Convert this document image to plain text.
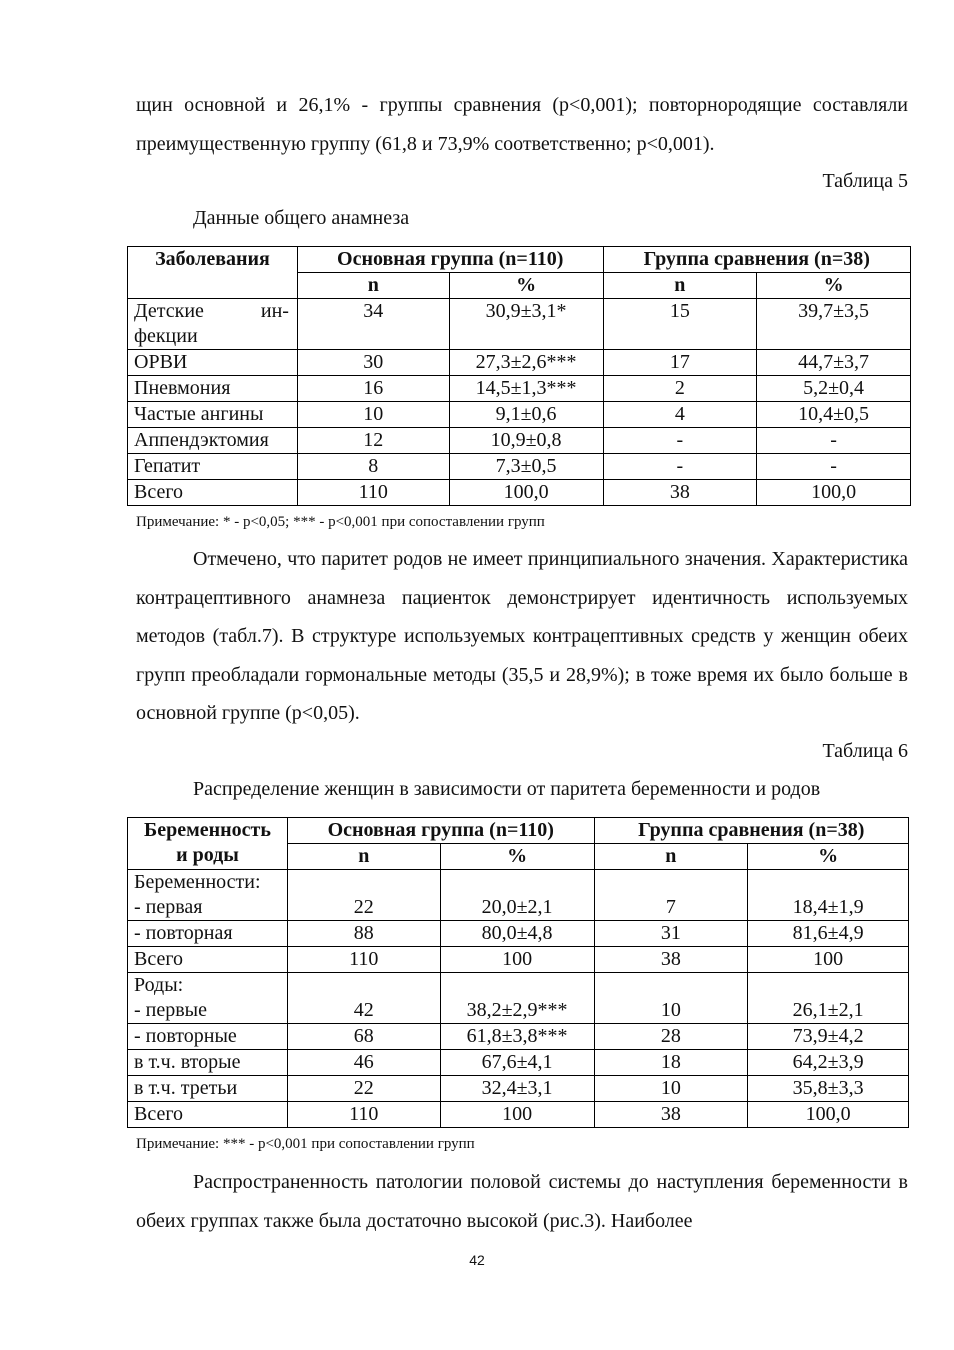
щин основной и 26,1% - группы сравнения (р<0,001); повторнородящие составляли преимущественную группу (61,8 и 73,9% соответственно; р<0,001).

Таблица 5

Данные общего анамнеза

Заболевания	Основная группа (n=110)		Группа сравнения (n=38)	
	n	%	n	%

Детские        ин-
фекции	34	30,9±3,1*	15	39,7±3,5
ОРВИ	30	27,3±2,6***	17	44,7±3,7
Пневмония	16	14,5±1,3***	2	5,2±0,4
Частые ангины	10	9,1±0,6	4	10,4±0,5
Аппендэктомия	12	10,9±0,8	-	-
Гепатит	8	7,3±0,5	-	-
Всего	110	100,0	38	100,0

Примечание: * - р<0,05; *** - р<0,001 при сопоставлении групп

Отмечено, что паритет родов не имеет принципиального значения. Характеристика контрацептивного анамнеза пациенток демонстрирует идентичность используемых методов (табл.7). В структуре используемых контрацептивных средств у женщин обеих групп преобладали гормональные методы (35,5 и 28,9%); в тоже время их было больше в основной группе (р<0,05).

Таблица 6

Распределение женщин в зависимости от паритета беременности и родов

Беременность
и роды	Основная группа (n=110)		Группа сравнения (n=38)	
	n	%	n	%

Беременности:
- первая	22	20,0±2,1	7	18,4±1,9
- повторная	88	80,0±4,8	31	81,6±4,9
Всего	110	100	38	100

Роды:
- первые	42	38,2±2,9***	10	26,1±2,1
- повторные	68	61,8±3,8***	28	73,9±4,2
в т.ч. вторые	46	67,6±4,1	18	64,2±3,9
в т.ч. третьи	22	32,4±3,1	10	35,8±3,3
Всего	110	100	38	100,0

Примечание: *** - р<0,001 при сопоставлении групп

Распространенность патологии половой системы до наступления беременности в обеих группах также была достаточно высокой (рис.3). Наиболее

42
